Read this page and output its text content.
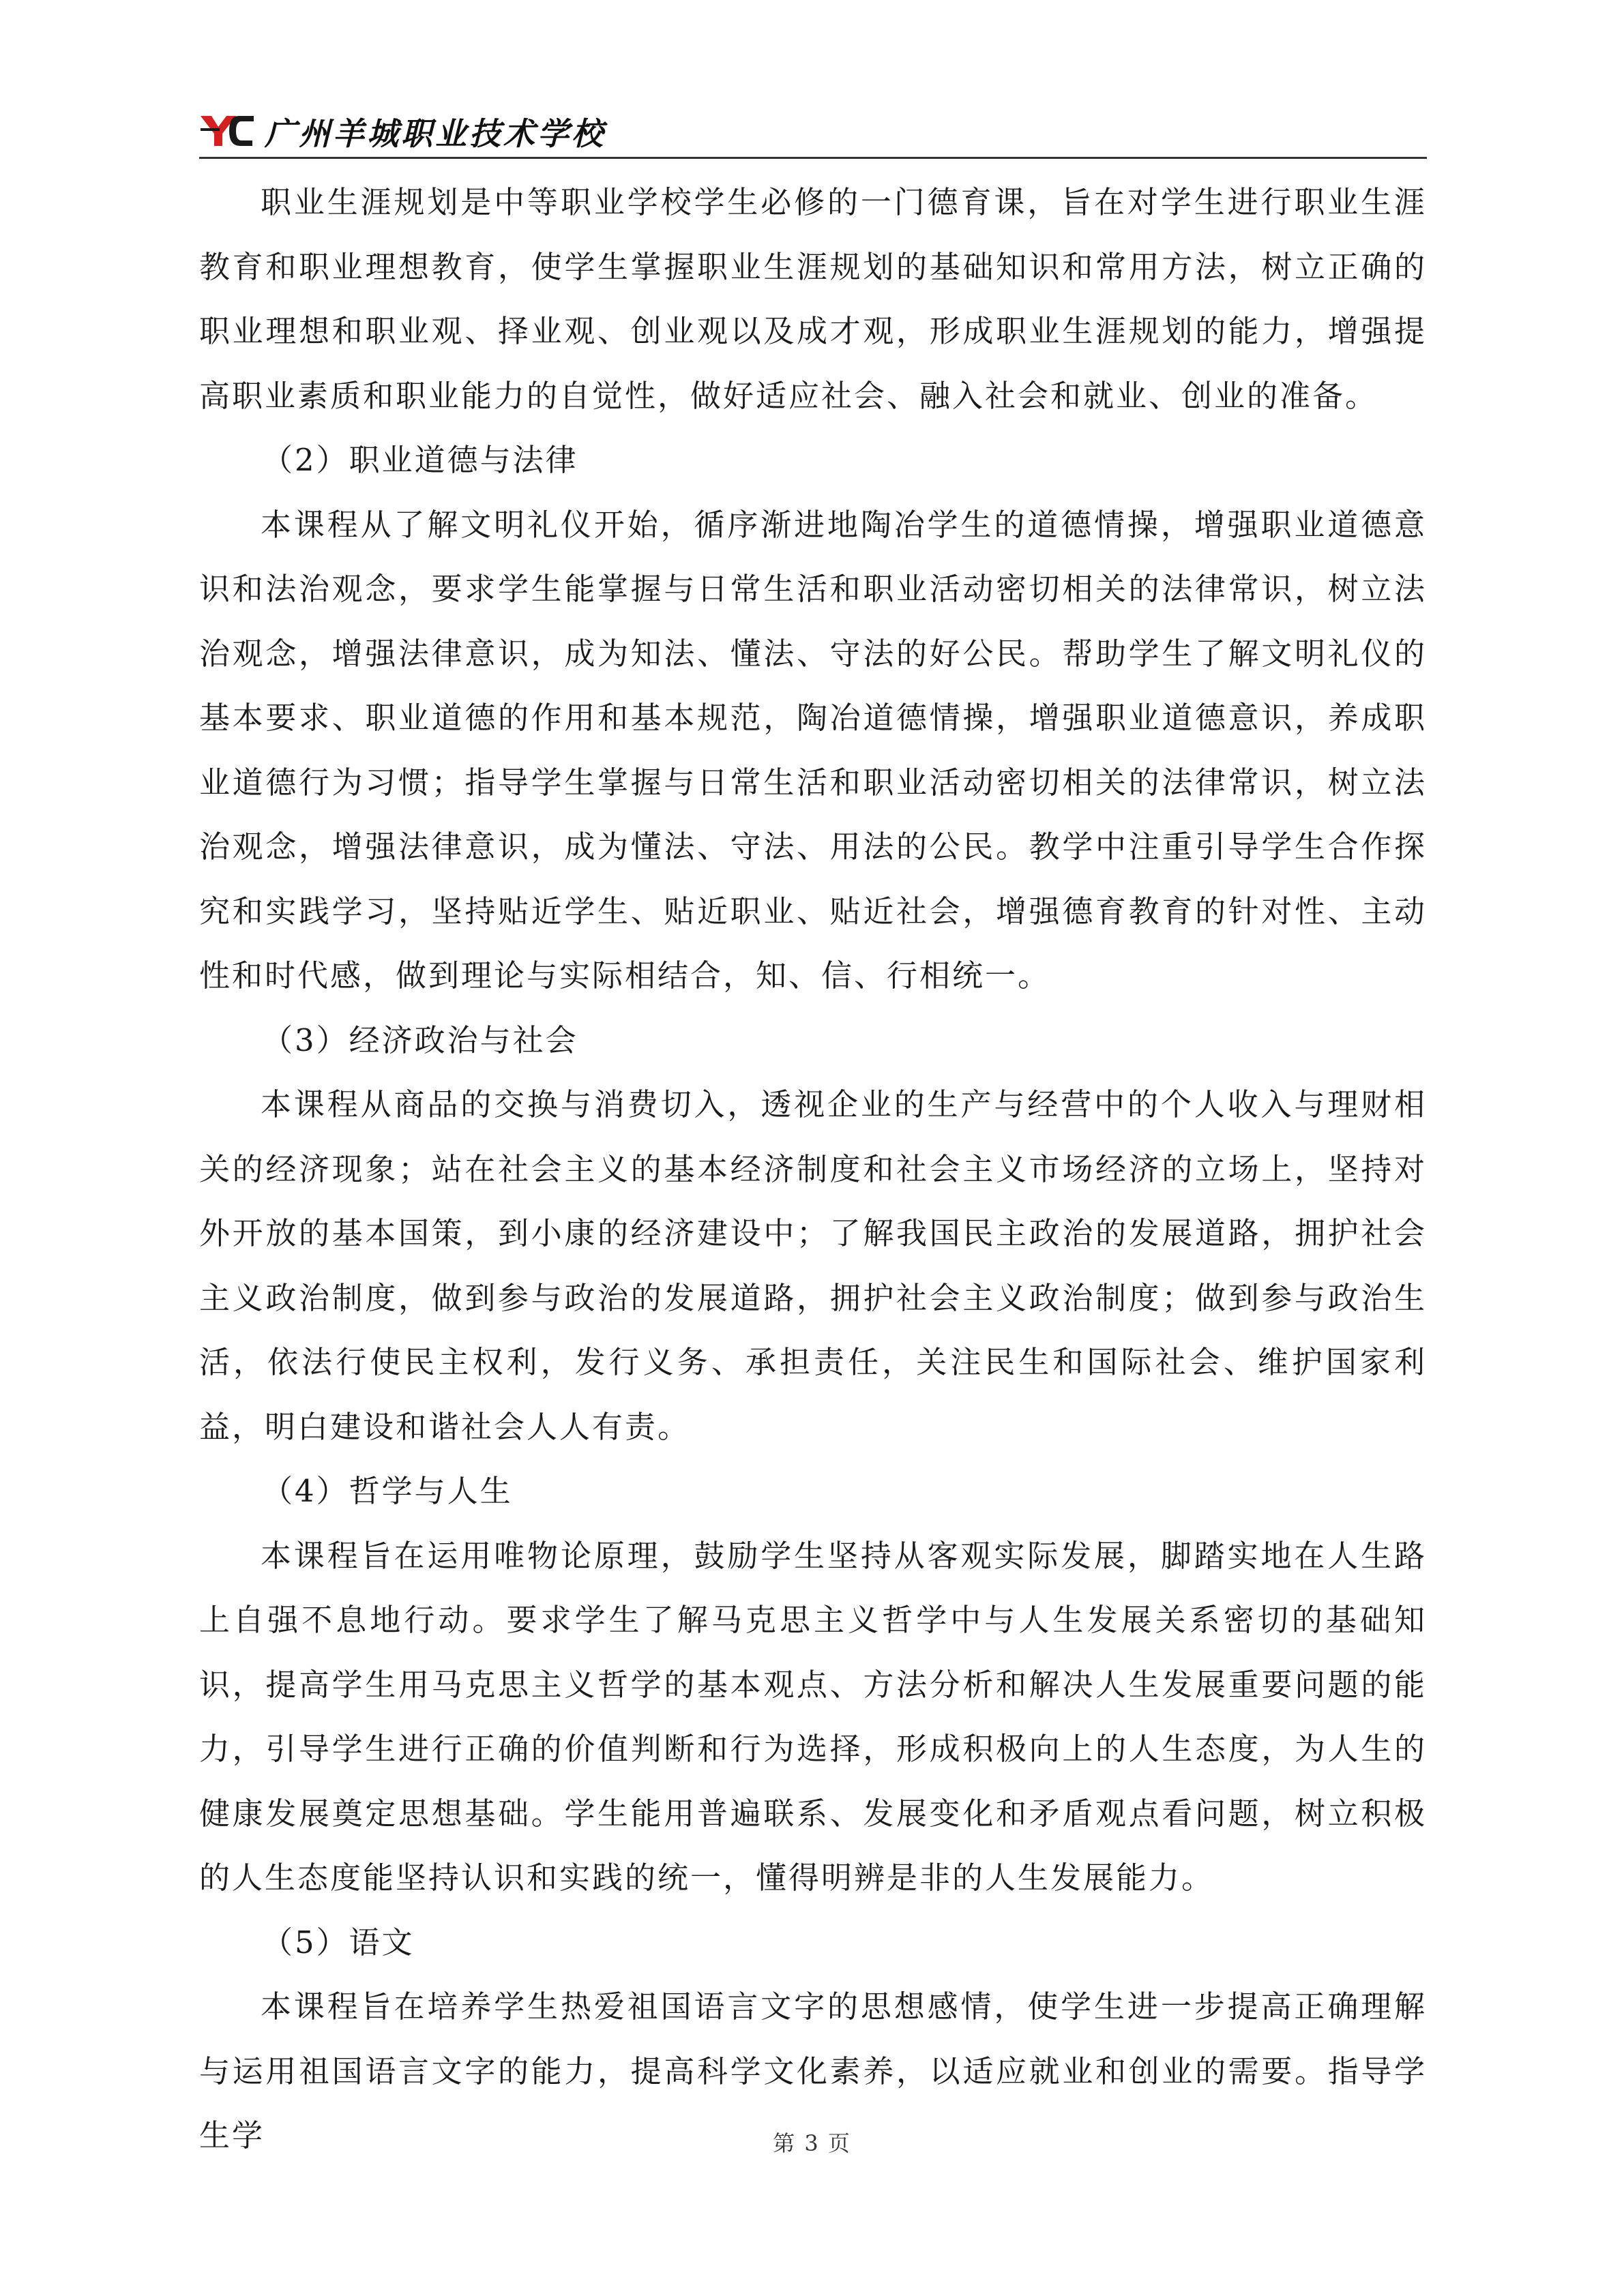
广州羊城职业技术学校

职业生涯规划是中等职业学校学生必修的一门德育课，旨在对学生进行职业生涯教育和职业理想教育，使学生掌握职业生涯规划的基础知识和常用方法，树立正确的职业理想和职业观、择业观、创业观以及成才观，形成职业生涯规划的能力，增强提高职业素质和职业能力的自觉性，做好适应社会、融入社会和就业、创业的准备。

（2）职业道德与法律

本课程从了解文明礼仪开始，循序渐进地陶冶学生的道德情操，增强职业道德意识和法治观念，要求学生能掌握与日常生活和职业活动密切相关的法律常识，树立法治观念，增强法律意识，成为知法、懂法、守法的好公民。帮助学生了解文明礼仪的基本要求、职业道德的作用和基本规范，陶冶道德情操，增强职业道德意识，养成职业道德行为习惯；指导学生掌握与日常生活和职业活动密切相关的法律常识，树立法治观念，增强法律意识，成为懂法、守法、用法的公民。教学中注重引导学生合作探究和实践学习，坚持贴近学生、贴近职业、贴近社会，增强德育教育的针对性、主动性和时代感，做到理论与实际相结合，知、信、行相统一。

（3）经济政治与社会

本课程从商品的交换与消费切入，透视企业的生产与经营中的个人收入与理财相关的经济现象；站在社会主义的基本经济制度和社会主义市场经济的立场上，坚持对外开放的基本国策，到小康的经济建设中；了解我国民主政治的发展道路，拥护社会主义政治制度，做到参与政治的发展道路，拥护社会主义政治制度；做到参与政治生活，依法行使民主权利，发行义务、承担责任，关注民生和国际社会、维护国家利益，明白建设和谐社会人人有责。

（4）哲学与人生

本课程旨在运用唯物论原理，鼓励学生坚持从客观实际发展，脚踏实地在人生路上自强不息地行动。要求学生了解马克思主义哲学中与人生发展关系密切的基础知识，提高学生用马克思主义哲学的基本观点、方法分析和解决人生发展重要问题的能力，引导学生进行正确的价值判断和行为选择，形成积极向上的人生态度，为人生的健康发展奠定思想基础。学生能用普遍联系、发展变化和矛盾观点看问题，树立积极的人生态度能坚持认识和实践的统一，懂得明辨是非的人生发展能力。

（5）语文

本课程旨在培养学生热爱祖国语言文字的思想感情，使学生进一步提高正确理解与运用祖国语言文字的能力，提高科学文化素养，以适应就业和创业的需要。指导学生学	第 3 页
